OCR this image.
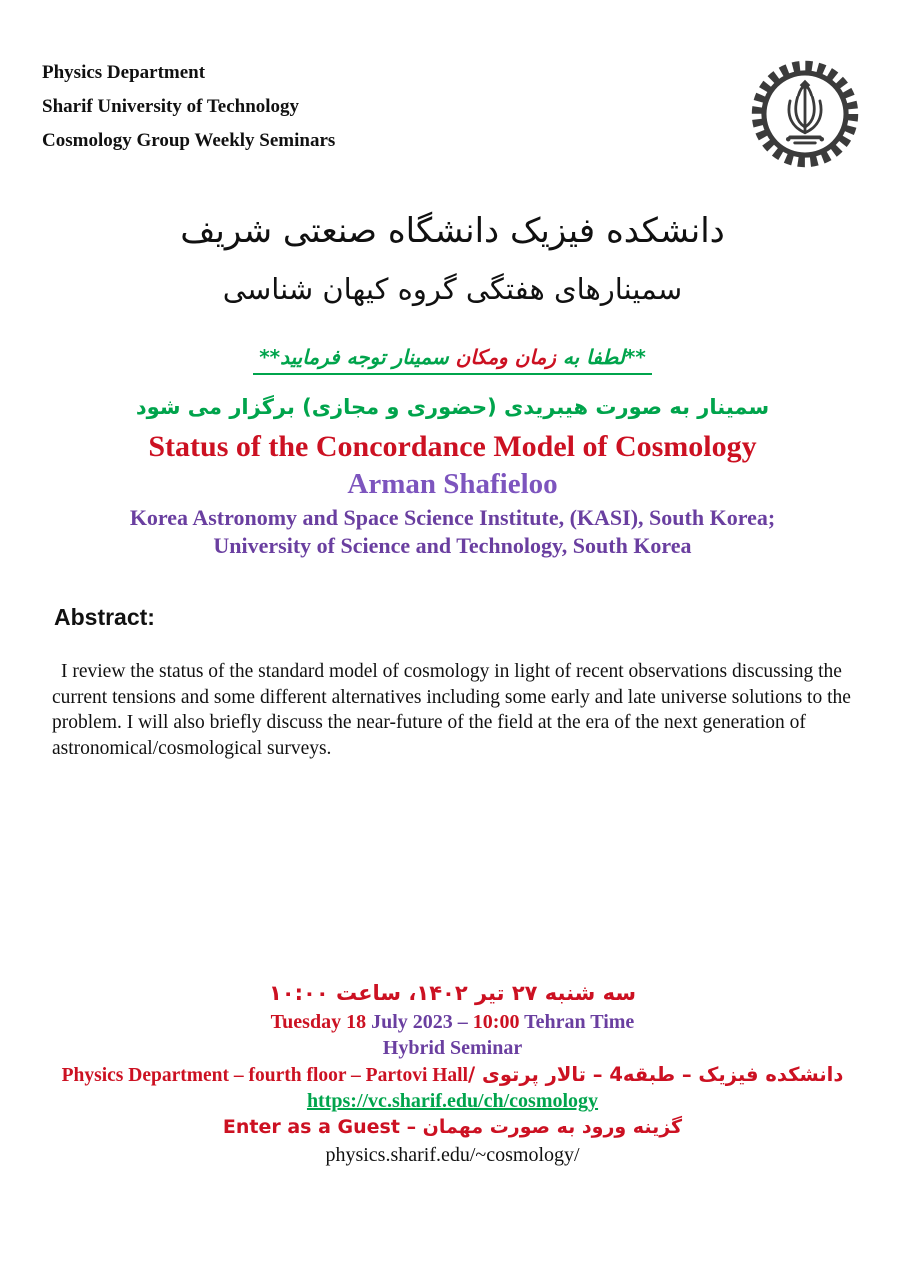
Physics Department

Sharif University of Technology

Cosmology Group Weekly Seminars

دانشکده فیزیک دانشگاه صنعتی شریف
سمینارهای هفتگی گروه کیهان شناسی
**لطفا به زمان ومکان سمینار توجه فرمایید**
سمینار به صورت هیبریدی (حضوری و مجازی) برگزار می شود
Status of the Concordance Model of Cosmology
Arman Shafieloo
Korea Astronomy and Space Science Institute, (KASI), South Korea;
University of Science and Technology, South Korea
Abstract:
I review the status of the standard model of cosmology in light of recent observations discussing the current tensions and some different alternatives including some early and late universe solutions to the problem. I will also briefly discuss the near-future of the field at the era of the next generation of astronomical/cosmological surveys.
سه شنبه ۲۷ تیر ۱۴۰۲، ساعت ۱۰:۰۰
Tuesday 18 July 2023 – 10:00 Tehran Time
Hybrid Seminar
دانشکده فیزیک – طبقه4 – تالار پرتوی /Physics Department – fourth floor – Partovi Hall
https://vc.sharif.edu/ch/cosmology
گزینه ورود به صورت مهمان – Enter as a Guest
physics.sharif.edu/~cosmology/
